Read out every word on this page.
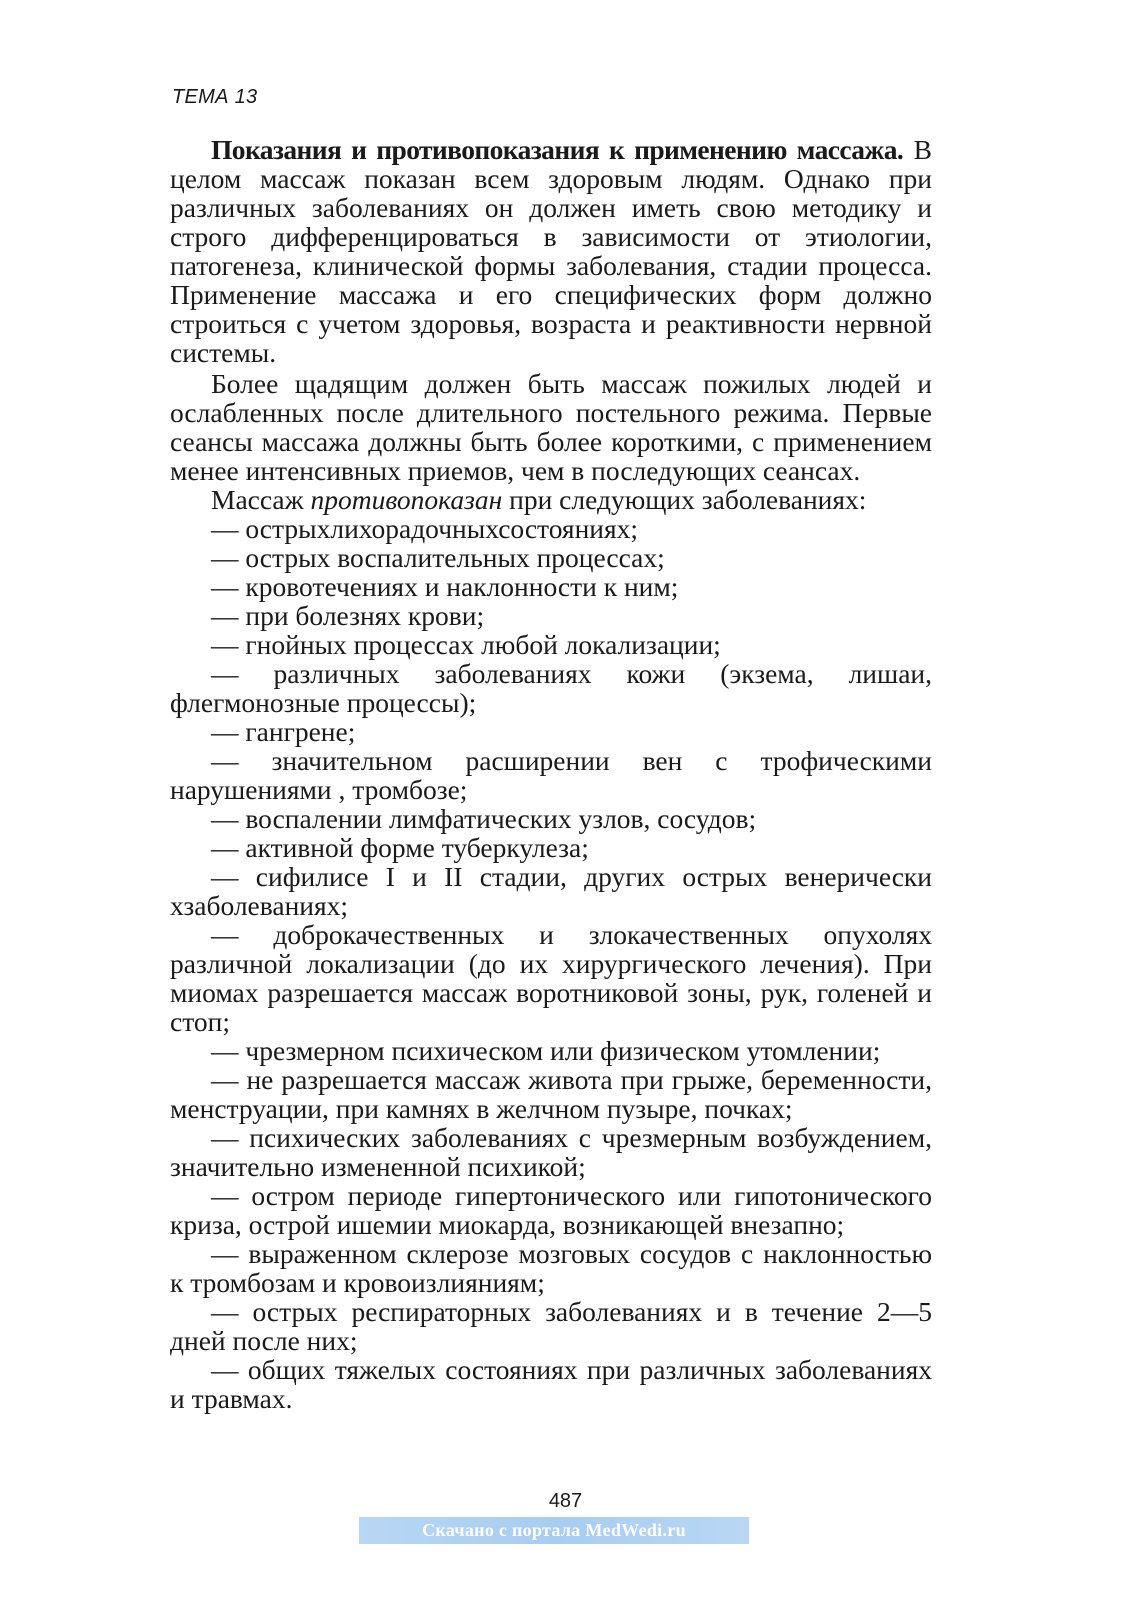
ТЕМА 13

Показания и противопоказания к применению массажа. В целом массаж показан всем здоровым людям. Однако при различных заболеваниях он должен иметь свою методику и строго дифференцироваться в зависимости от этиологии, патогенеза, клинической формы заболевания, стадии процесса. Применение массажа и его специфических форм должно строиться с учетом здоровья, возраста и реактивности нервной системы.

Более щадящим должен быть массаж пожилых людей и ослабленных после длительного постельного режима. Первые сеансы массажа должны быть более короткими, с применением менее интенсивных приемов, чем в последующих сеансах.

Массаж противопоказан при следующих заболеваниях:

— острыхлихорадочныхсостояниях;

— острых воспалительных процессах;

— кровотечениях и наклонности к ним;

— при болезнях крови;

— гнойных процессах любой локализации;

— различных заболеваниях кожи (экзема, лишаи, флегмонозные процессы);

— гангрене;

— значительном расширении вен с трофическими нарушениями , тромбозе;

— воспалении лимфатических узлов, сосудов;

— активной форме туберкулеза;

— сифилисе I и II стадии, других острых венерически хзаболеваниях;

— доброкачественных и злокачественных опухолях различной локализации (до их хирургического лечения). При миомах разрешается массаж воротниковой зоны, рук, голеней и стоп;

— чрезмерном психическом или физическом утомлении;

— не разрешается массаж живота при грыже, беременности, менструации, при камнях в желчном пузыре, почках;

— психических заболеваниях с чрезмерным возбуждением, значительно измененной психикой;

— остром периоде гипертонического или гипотонического криза, острой ишемии миокарда, возникающей внезапно;

— выраженном склерозе мозговых сосудов с наклонностью к тромбозам и кровоизлияниям;

— острых респираторных заболеваниях и в течение 2—5 дней после них;

— общих тяжелых состояниях при различных заболеваниях и травмах.

487
Скачано с портала MedWedi.ru
